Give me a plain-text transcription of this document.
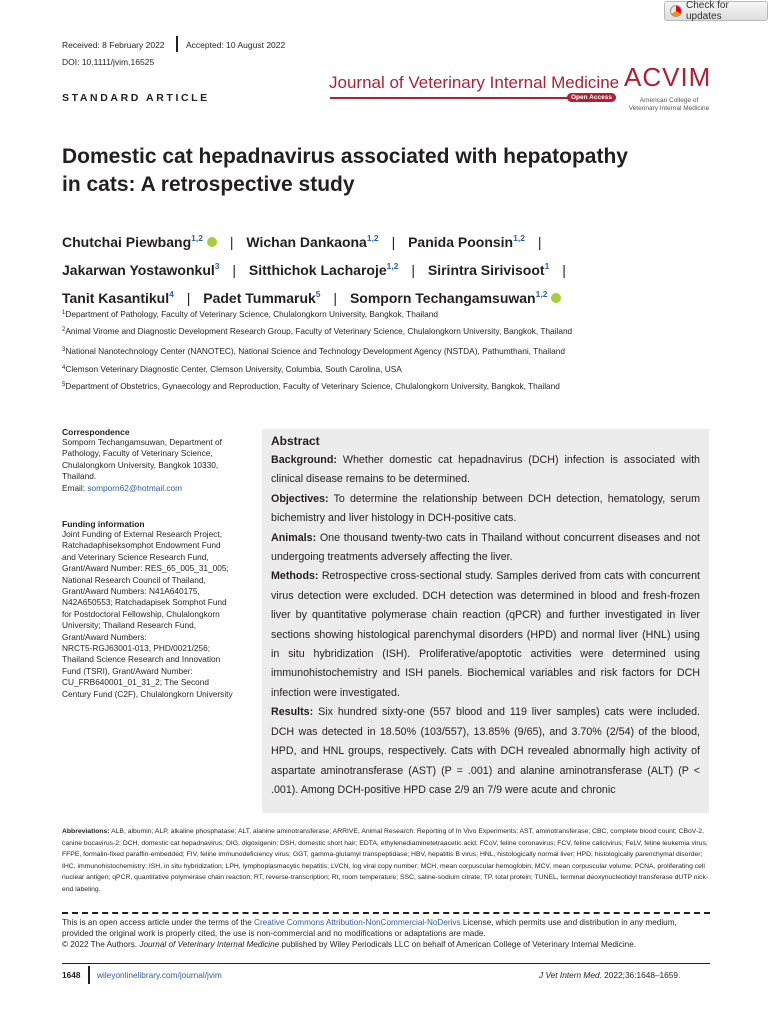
Check for updates
Received: 8 February 2022	Accepted: 10 August 2022
DOI: 10.1111/jvim.16525
Journal of Veterinary Internal Medicine
Open Access
ACVIM
American College of
Veterinary Internal Medicine
STANDARD ARTICLE
Domestic cat hepadnavirus associated with hepatopathy
in cats: A retrospective study
Chutchai Piewbang$^{1,2}$ | Wichan Dankaona$^{1,2}$ | Panida Poonsin$^{1,2}$ |
Jakarwan Yostawonkul$^3$ | Sitthichok Lacharoje$^{1,2}$ | Sirintra Sirivisoot$^1$ |
Tanit Kasantikul$^4$ | Padet Tummaruk$^5$ | Somporn Techangamsuwan$^{1,2}$
$^1$Department of Pathology, Faculty of Veterinary Science, Chulalongkorn University, Bangkok, Thailand
$^2$Animal Virome and Diagnostic Development Research Group, Faculty of Veterinary Science, Chulalongkorn University, Bangkok, Thailand
$^3$National Nanotechnology Center (NANOTEC), National Science and Technology Development Agency (NSTDA), Pathumthani, Thailand
$^4$Clemson Veterinary Diagnostic Center, Clemson University, Columbia, South Carolina, USA
$^5$Department of Obstetrics, Gynaecology and Reproduction, Faculty of Veterinary Science, Chulalongkorn University, Bangkok, Thailand
Correspondence
Somporn Techangamsuwan, Department of
Pathology, Faculty of Veterinary Science,
Chulalongkorn University, Bangkok 10330,
Thailand.
Email: somporn62@hotmail.com
Funding information
Joint Funding of External Research Project,
Ratchadaphiseksomphot Endowment Fund
and Veterinary Science Research Fund,
Grant/Award Number: RES_65_005_31_005;
National Research Council of Thailand,
Grant/Award Numbers: N41A640175,
N42A650553; Ratchadapisek Somphot Fund
for Postdoctoral Fellowship, Chulalongkorn
University; Thailand Research Fund,
Grant/Award Numbers:
NRCT5-RGJ63001-013, PHD/0021/256;
Thailand Science Research and Innovation
Fund (TSRI), Grant/Award Number:
CU_FRB640001_01_31_2; The Second
Century Fund (C2F), Chulalongkorn University
Abstract

Background: Whether domestic cat hepadnavirus (DCH) infection is associated with clinical disease remains to be determined.

Objectives: To determine the relationship between DCH detection, hematology, serum bichemistry and liver histology in DCH-positive cats.

Animals: One thousand twenty-two cats in Thailand without concurrent diseases and not undergoing treatments adversely affecting the liver.

Methods: Retrospective cross-sectional study. Samples derived from cats with concurrent virus detection were excluded. DCH detection was determined in blood and fresh-frozen liver by quantitative polymerase chain reaction (qPCR) and further investigated in liver sections showing histological parenchymal disorders (HPD) and normal liver (HNL) using in situ hybridization (ISH). Proliferative/apoptotic activities were determined using immunohistochemistry and ISH panels. Biochemical variables and risk factors for DCH infection were investigated.

Results: Six hundred sixty-one (557 blood and 119 liver samples) cats were included. DCH was detected in 18.50% (103/557), 13.85% (9/65), and 3.70% (2/54) of the blood, HPD, and HNL groups, respectively. Cats with DCH revealed abnormally high activity of aspartate aminotransferase (AST) (P = .001) and alanine aminotransferase (ALT) (P < .001). Among DCH-positive HPD case 2/9 an 7/9 were acute and chronic

Abbreviations: ALB, albumin; ALP, alkaline phosphatase; ALT, alanine aminotransferase; ARRIVE, Animal Research: Reporting of In Vivo Experiments; AST, aminotransferase; CBC, complete blood count; CBoV-2, canine bocavirus-2; DCH, domestic cat hepadnavirus; DIG, digoxigenin; DSH, domestic short hair; EDTA, ethylenediaminetetraacetic acid; FCoV, feline coronavirus; FCV, feline calicivirus; FeLV, feline leukemia virus; FFPE, formalin-fixed paraffin-embedded; FIV, feline immunodeficiency virus; GGT, gamma-glutamyl transpeptidase; HBV, hepatitis B virus; HNL, histologically normal liver; HPD, histologically parenchymal disorder; IHC, immunohistochemistry; ISH, in situ hybridization; LPH, lymphoplasmacytic hepatitis; LVCN, log viral copy number; MCH, mean corpuscular hemoglobin; MCV, mean corpuscular volume; PCNA, proliferating cell nuclear antigen; qPCR, quantitative polymerase chain reaction; RT, reverse-transcription; Rt, room temperature; SSC, saline-sodium citrate; TP, total protein; TUNEL, terminal deoxynucleotidyl transferase dUTP nick-end labeling.
This is an open access article under the terms of the Creative Commons Attribution-NonCommercial-NoDerivs License, which permits use and distribution in any medium, provided the original work is properly cited, the use is non-commercial and no modifications or adaptations are made.
© 2022 The Authors. Journal of Veterinary Internal Medicine published by Wiley Periodicals LLC on behalf of American College of Veterinary Internal Medicine.
1648 wileyonlinelibrary.com/journal/jvim	J Vet Intern Med. 2022;36:1648–1659.
